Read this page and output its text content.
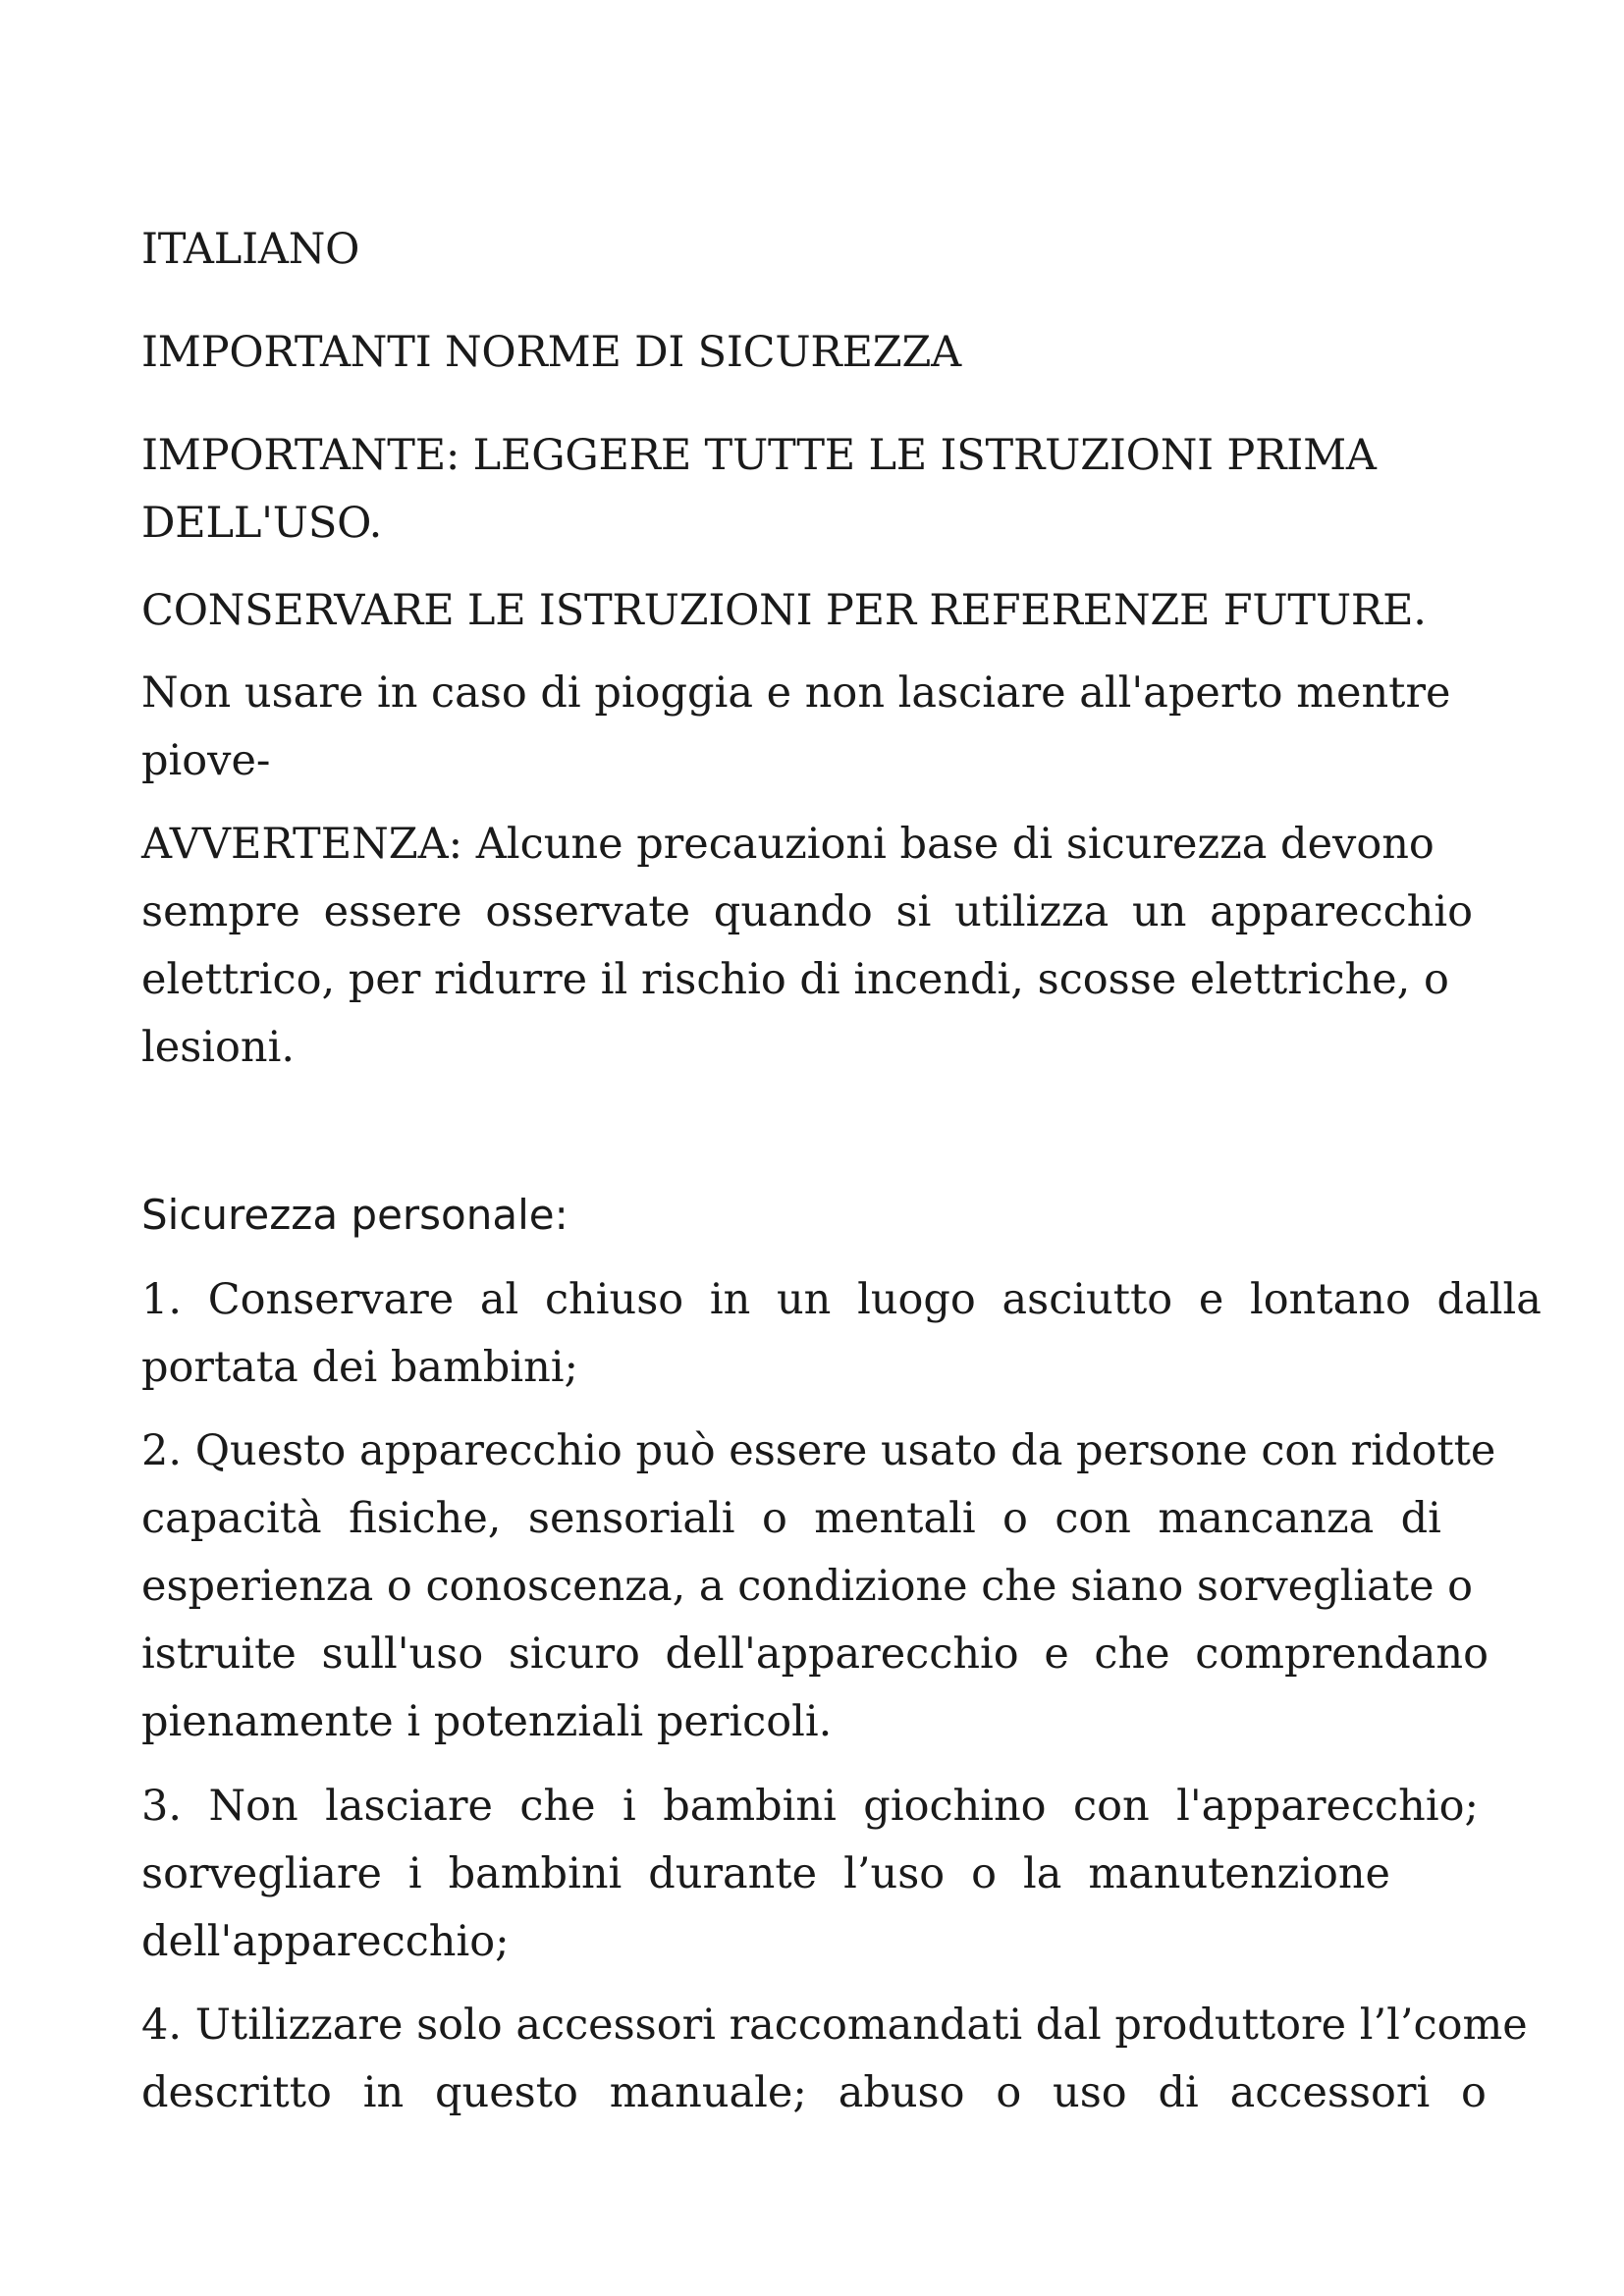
ITALIANO

IMPORTANTI NORME DI SICUREZZA

IMPORTANTE: LEGGERE TUTTE LE ISTRUZIONI PRIMA

DELL'USO.

CONSERVARE LE ISTRUZIONI PER REFERENZE FUTURE.

Non usare in caso di pioggia e non lasciare all'aperto mentre

piove-

AVVERTENZA: Alcune precauzioni base di sicurezza devono

sempre essere osservate quando si utilizza un apparecchio

elettrico, per ridurre il rischio di incendi, scosse elettriche, o

lesioni.

Sicurezza personale:

1. Conservare al chiuso in un luogo asciutto e lontano dalla

portata dei bambini;

2. Questo apparecchio può essere usato da persone con ridotte

capacità fisiche, sensoriali o mentali o con mancanza di

esperienza o conoscenza, a condizione che siano sorvegliate o

istruite sull'uso sicuro dell'apparecchio e che comprendano

pienamente i potenziali pericoli.

3. Non lasciare che i bambini giochino con l'apparecchio;
sorvegliare i bambini durante l’uso o la manutenzione

dell'apparecchio;

4. Utilizzare solo accessori raccomandati dal produttore l’l’come

descritto in questo manuale; abuso o uso di accessori o
